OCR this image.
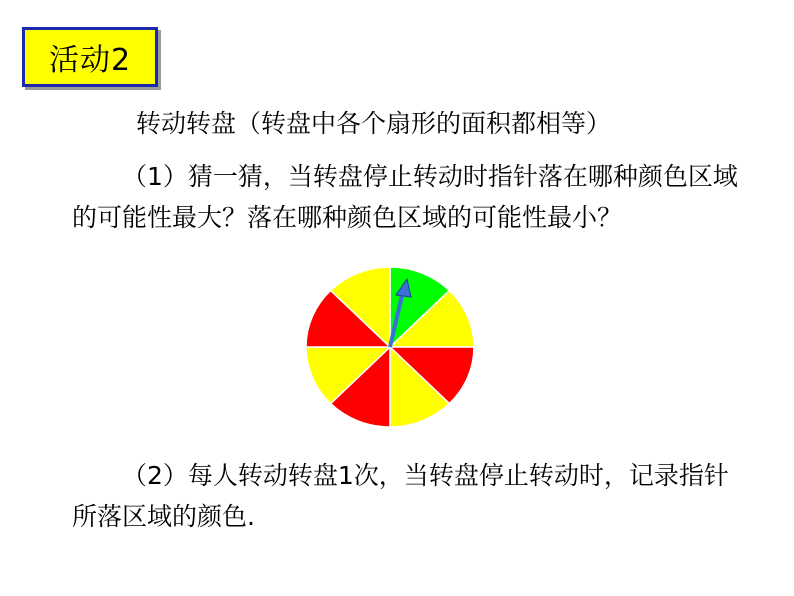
活动2
转动转盘（转盘中各个扇形的面积都相等）
（1）猜一猜，当转盘停止转动时指针落在哪种颜色区域的可能性最大？落在哪种颜色区域的可能性最小？
（2）每人转动转盘1次，当转盘停止转动时，记录指针所落区域的颜色.
